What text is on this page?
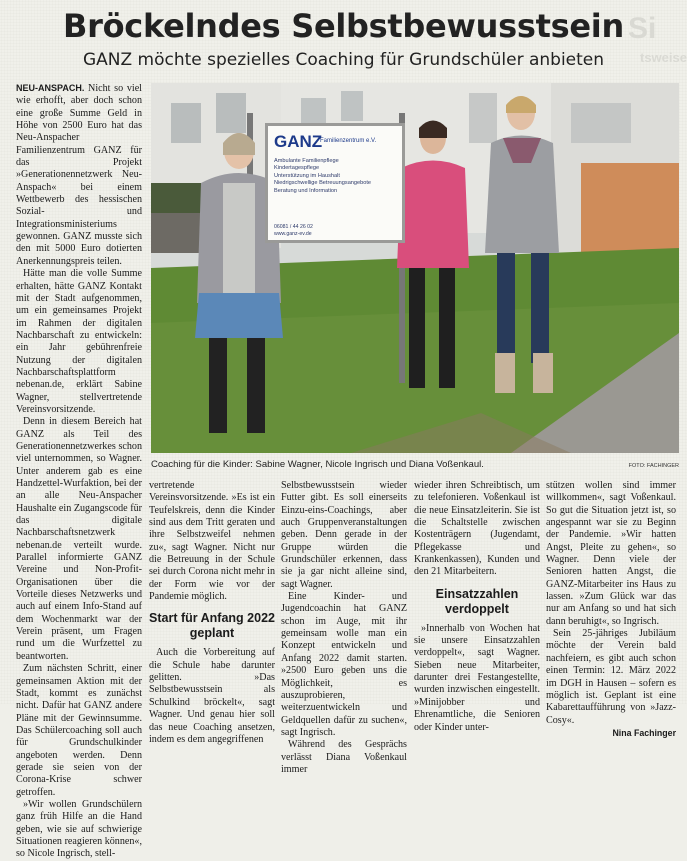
Si
tsweise
Bröckelndes Selbstbewusstsein
GANZ möchte spezielles Coaching für Grundschüler anbieten

NEU-ANSPACH. Nicht so viel wie erhofft, aber doch schon eine große Summe Geld in Höhe von 2500 Euro hat das Neu-Anspacher Familienzentrum GANZ für das Projekt »Generationennetzwerk Neu-Anspach« bei einem Wettbewerb des hessischen Sozial- und Integrationsministeriums gewonnen. GANZ musste sich den mit 5000 Euro dotierten Anerkennungspreis teilen.

Hätte man die volle Summe erhalten, hätte GANZ Kontakt mit der Stadt aufgenommen, um ein gemeinsames Projekt im Rahmen der digitalen Nachbarschaft zu entwickeln: ein Jahr gebührenfreie Nutzung der digitalen Nachbarschaftsplattform nebenan.de, erklärt Sabine Wagner, stellvertretende Vereinsvorsitzende.

Denn in diesem Bereich hat GANZ als Teil des Generationennetzwerkes schon viel unternommen, so Wagner. Unter anderem gab es eine Handzettel-Wurfaktion, bei der an alle Neu-Anspacher Haushalte ein Zugangscode für das digitale Nachbarschaftsnetzwerk nebenan.de verteilt wurde. Parallel informierte GANZ Vereine und Non-Profit-Organisationen über die Vorteile dieses Netzwerks und auch auf einem Info-Stand auf dem Wochenmarkt war der Verein präsent, um Fragen rund um die Wurfzettel zu beantworten.

Zum nächsten Schritt, einer gemeinsamen Aktion mit der Stadt, kommt es zunächst nicht. Dafür hat GANZ andere Pläne mit der Gewinnsumme. Das Schülercoaching soll auch für Grundschulkinder angeboten werden. Denn gerade sie seien von der Corona-Krise schwer getroffen.

»Wir wollen Grundschülern ganz früh Hilfe an die Hand geben, wie sie auf schwierige Situationen reagieren können«, so Nicole Ingrisch, stell-

GANZ
Familienzentrum e.V.
Ambulante Familienpflege
Kindertagespflege
Unterstützung im Haushalt
Niedrigschwellige Betreuungsangebote
Beratung und Information
06081 / 44 26 02
www.ganz-ev.de
Coaching für die Kinder: Sabine Wagner, Nicole Ingrisch und Diana Voßenkaul.	FOTO: FACHINGER

vertretende Vereinsvorsitzende. »Es ist ein Teufelskreis, denn die Kinder sind aus dem Tritt geraten und ihre Selbstzweifel nehmen zu«, sagt Wagner. Nicht nur die Betreuung in der Schule sei durch Corona nicht mehr in der Form wie vor der Pandemie möglich.

Start für Anfang 2022 geplant

Auch die Vorbereitung auf die Schule habe darunter gelitten. »Das Selbstbewusstsein als Schulkind bröckelt«, sagt Wagner. Und genau hier soll das neue Coaching ansetzen, indem es dem angegriffenen

Selbstbewusstsein wieder Futter gibt. Es soll einerseits Einzu-eins-Coachings, aber auch Gruppenveranstaltungen geben. Denn gerade in der Gruppe würden die Grundschüler erkennen, dass sie ja gar nicht alleine sind, sagt Wagner.

Eine Kinder- und Jugendcoachin hat GANZ schon im Auge, mit ihr gemeinsam wolle man ein Konzept entwickeln und Anfang 2022 damit starten. »2500 Euro geben uns die Möglichkeit, es auszuprobieren, weiterzuentwickeln und Geldquellen dafür zu suchen«, sagt Ingrisch.

Während des Gesprächs verlässt Diana Voßenkaul immer

wieder ihren Schreibtisch, um zu telefonieren. Voßenkaul ist die neue Einsatzleiterin. Sie ist die Schaltstelle zwischen Kostenträgern (Jugendamt, Pflegekasse und Krankenkassen), Kunden und den 21 Mitarbeitern.

Einsatzzahlen verdoppelt

»Innerhalb von Wochen hat sie unsere Einsatzzahlen verdoppelt«, sagt Wagner. Sieben neue Mitarbeiter, darunter drei Festangestellte, wurden inzwischen eingestellt. »Minijobber und Ehrenamtliche, die Senioren oder Kinder unter-

stützen wollen sind immer willkommen«, sagt Voßenkaul. So gut die Situation jetzt ist, so angespannt war sie zu Beginn der Pandemie. »Wir hatten Angst, Pleite zu gehen«, so Wagner. Denn viele der Senioren hatten Angst, die GANZ-Mitarbeiter ins Haus zu lassen. »Zum Glück war das nur am Anfang so und hat sich dann beruhigt«, so Ingrisch.

Sein 25-jähriges Jubiläum möchte der Verein bald nachfeiern, es gibt auch schon einen Termin: 12. März 2022 im DGH in Hausen – sofern es möglich ist. Geplant ist eine Kabarettaufführung von »Jazz-Cosy«.

Nina Fachinger
